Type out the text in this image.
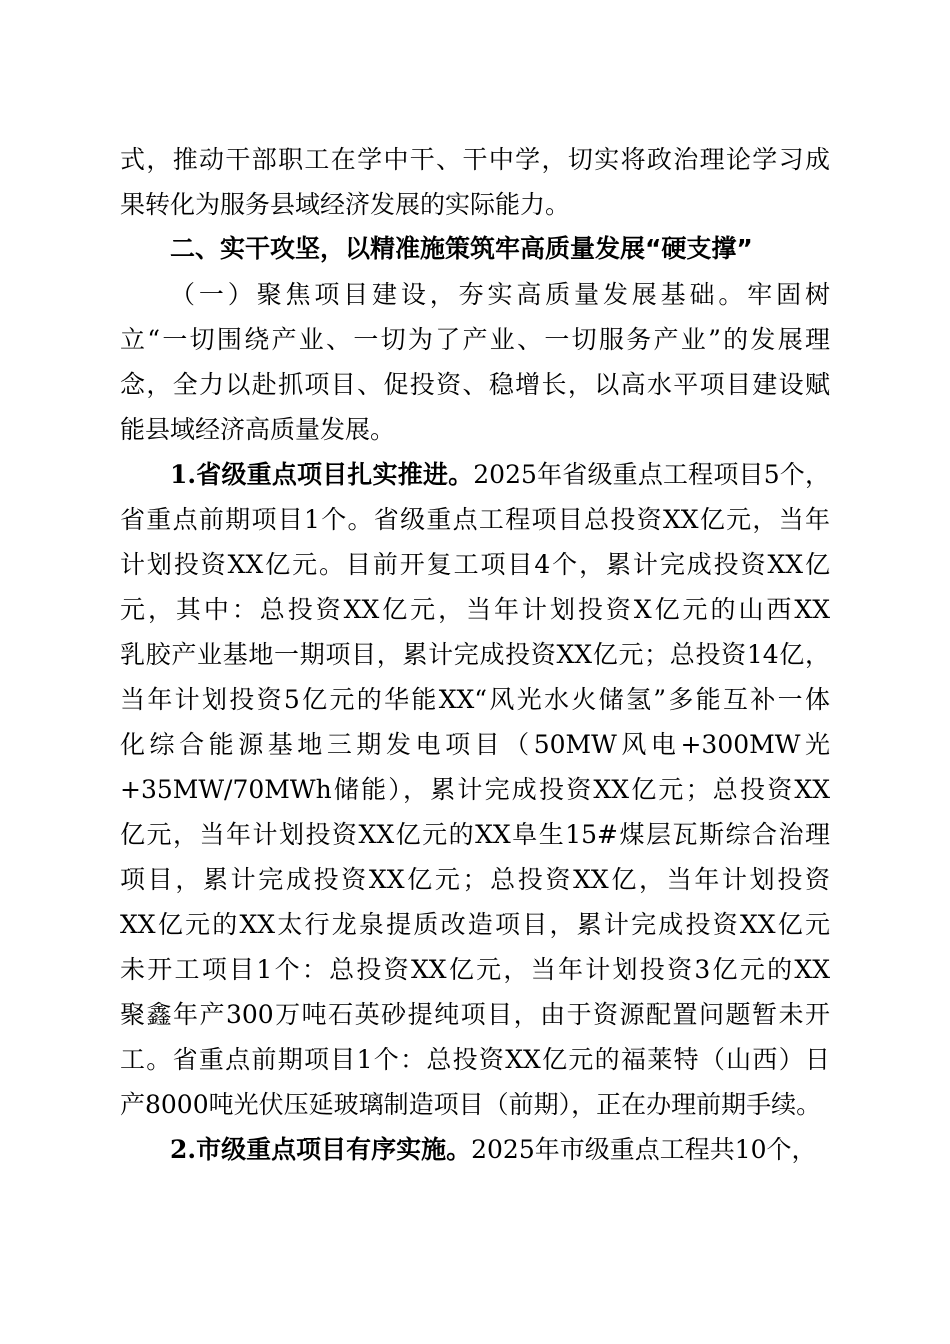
式，推动干部职工在学中干、干中学，切实将政治理论学习成
果转化为服务县域经济发展的实际能力。
二、实干攻坚，以精准施策筑牢高质量发展“硬支撑”
（一）聚焦项目建设，夯实高质量发展基础。牢固树
立“一切围绕产业、一切为了产业、一切服务产业”的发展理
念，全力以赴抓项目、促投资、稳增长，以高水平项目建设赋
能县域经济高质量发展。
1.省级重点项目扎实推进。2025年省级重点工程项目5个，
省重点前期项目1个。省级重点工程项目总投资XX亿元，当年
计划投资XX亿元。目前开复工项目4个，累计完成投资XX亿
元，其中：总投资XX亿元，当年计划投资X亿元的山西XX
乳胶产业基地一期项目，累计完成投资XX亿元；总投资14亿，
当年计划投资5亿元的华能XX“风光水火储氢”多能互补一体
化综合能源基地三期发电项目（50MW风电+300MW光
+35MW/70MWh储能），累计完成投资XX亿元；总投资XX
亿元，当年计划投资XX亿元的XX阜生15#煤层瓦斯综合治理
项目，累计完成投资XX亿元；总投资XX亿，当年计划投资
XX亿元的XX太行龙泉提质改造项目，累计完成投资XX亿元
未开工项目1个：总投资XX亿元，当年计划投资3亿元的XX
聚鑫年产300万吨石英砂提纯项目，由于资源配置问题暂未开
工。省重点前期项目1个：总投资XX亿元的福莱特（山西）日
产8000吨光伏压延玻璃制造项目（前期），正在办理前期手续。
2.市级重点项目有序实施。2025年市级重点工程共10个，
